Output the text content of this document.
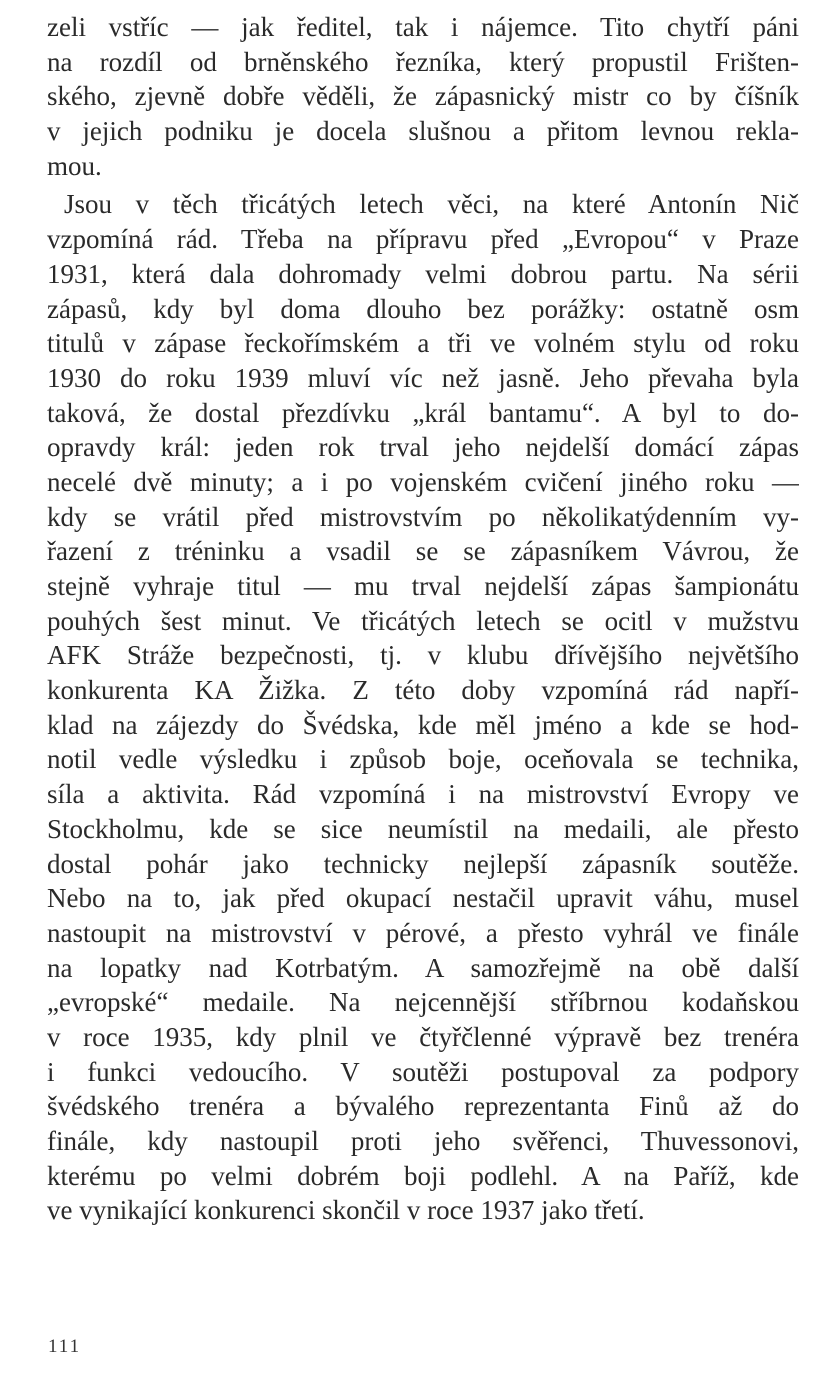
zeli vstříc — jak ředitel, tak i nájemce. Tito chytří páni
na rozdíl od brněnského řezníka, který propustil Frišten-
ského, zjevně dobře věděli, že zápasnický mistr co by číšník
v jejich podniku je docela slušnou a přitom levnou rekla-
mou.
Jsou v těch třicátých letech věci, na které Antonín Nič
vzpomíná rád. Třeba na přípravu před „Evropou“ v Praze
1931, která dala dohromady velmi dobrou partu. Na sérii
zápasů, kdy byl doma dlouho bez porážky: ostatně osm
titulů v zápase řeckořímském a tři ve volném stylu od roku
1930 do roku 1939 mluví víc než jasně. Jeho převaha byla
taková, že dostal přezdívku „král bantamu“. A byl to do-
opravdy král: jeden rok trval jeho nejdelší domácí zápas
necelé dvě minuty; a i po vojenském cvičení jiného roku —
kdy se vrátil před mistrovstvím po několikatýdenním vy-
řazení z tréninku a vsadil se se zápasníkem Vávrou, že
stejně vyhraje titul — mu trval nejdelší zápas šampionátu
pouhých šest minut. Ve třicátých letech se ocitl v mužstvu
AFK Stráže bezpečnosti, tj. v klubu dřívějšího největšího
konkurenta KA Žižka. Z této doby vzpomíná rád napří-
klad na zájezdy do Švédska, kde měl jméno a kde se hod-
notil vedle výsledku i způsob boje, oceňovala se technika,
síla a aktivita. Rád vzpomíná i na mistrovství Evropy ve
Stockholmu, kde se sice neumístil na medaili, ale přesto
dostal pohár jako technicky nejlepší zápasník soutěže.
Nebo na to, jak před okupací nestačil upravit váhu, musel
nastoupit na mistrovství v pérové, a přesto vyhrál ve finále
na lopatky nad Kotrbatým. A samozřejmě na obě další
„evropské“ medaile. Na nejcennější stříbrnou kodaňskou
v roce 1935, kdy plnil ve čtyřčlenné výpravě bez trenéra
i funkci vedoucího. V soutěži postupoval za podpory
švédského trenéra a bývalého reprezentanta Finů až do
finále, kdy nastoupil proti jeho svěřenci, Thuvessonovi,
kterému po velmi dobrém boji podlehl. A na Paříž, kde
ve vynikající konkurenci skončil v roce 1937 jako třetí.
111
